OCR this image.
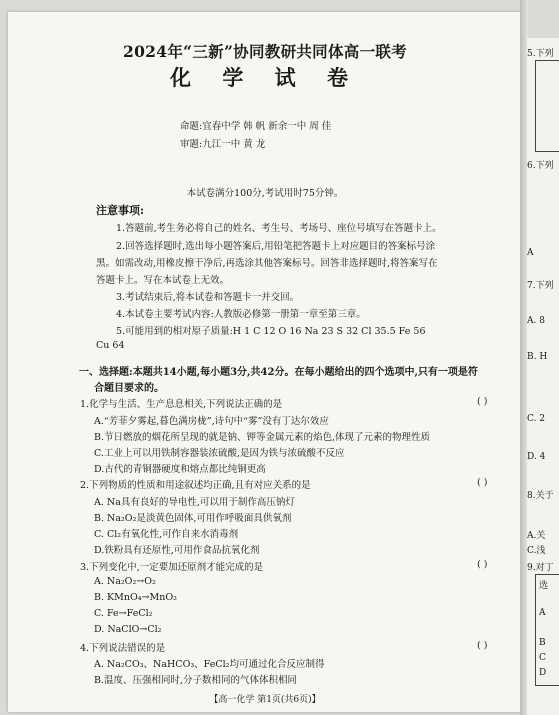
2024年“三新”协同教研共同体高一联考
化 学 试 卷
命题:宜春中学 韩 帆 新余一中 周 佳
审题:九江一中 黄 龙
本试卷满分100分,考试用时75分钟。
注意事项:
1.答题前,考生务必将自己的姓名、考生号、考场号、座位号填写在答题卡上。
2.回答选择题时,选出每小题答案后,用铅笔把答题卡上对应题目的答案标号涂
黑。如需改动,用橡皮擦干净后,再选涂其他答案标号。回答非选择题时,将答案写在
答题卡上。写在本试卷上无效。
3.考试结束后,将本试卷和答题卡一并交回。
4.本试卷主要考试内容:人教版必修第一册第一章至第三章。
5.可能用到的相对原子质量:H 1 C 12 O 16 Na 23 S 32 Cl 35.5 Fe 56
Cu 64
一、选择题:本题共14小题,每小题3分,共42分。在每小题给出的四个选项中,只有一项是符
合题目要求的。
1.化学与生活、生产息息相关,下列说法正确的是	( )
A.“芳菲夕雾起,暮色满房栊”,诗句中“雾”没有丁达尔效应
B.节日燃放的烟花所呈现的就是钠、钾等金属元素的焰色,体现了元素的物理性质
C.工业上可以用铁制容器装浓硫酸,是因为铁与浓硫酸不反应
D.古代的青铜器硬度和熔点都比纯铜更高
2.下列物质的性质和用途叙述均正确,且有对应关系的是	( )
A. Na具有良好的导电性,可以用于制作高压钠灯
B. Na₂O₂是淡黄色固体,可用作呼吸面具供氧剂
C. Cl₂有氧化性,可作自来水消毒剂
D.铁粉具有还原性,可用作食品抗氧化剂
3.下列变化中,一定要加还原剂才能完成的是	( )
A. Na₂O₂→O₂
B. KMnO₄→MnO₂
C. Fe→FeCl₂
D. NaClO→Cl₂
4.下列说法错误的是	( )
A. Na₂CO₃、NaHCO₃、FeCl₂均可通过化合反应制得
B.温度、压强相同时,分子数相同的气体体积相同
【高一化学 第1页(共6页)】
5.下列
6.下列
A
7.下列
A. 8
B. H
C. 2
D. 4
8.关于
A.关
C.浅
9.对丁
选
A
B
C
D
